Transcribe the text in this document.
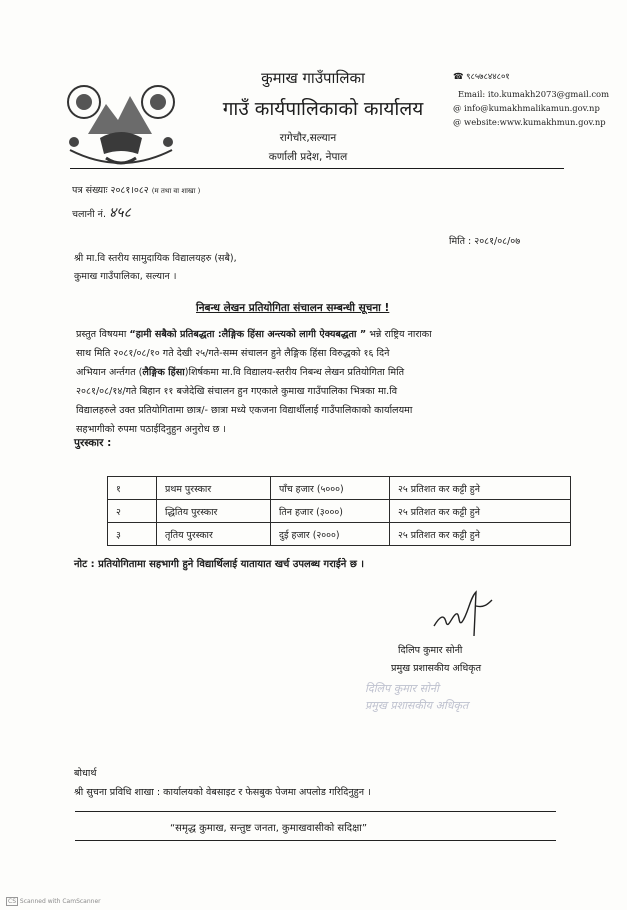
कुमाख गाउँपालिका
गाउँ कार्यपालिकाको कार्यालय
रागेचौर,सल्यान
कर्णाली प्रदेश, नेपाल
☎ ९८५७८४४८०१
Email: ito.kumakh2073@gmail.com
@ info@kumakhmalikamun.gov.np
@ website:www.kumakhmun.gov.np
पत्र संख्याः २०८१।०८२ (म तथा वा शाखा )
चलानी नं. ४५८
मिति : २०८१/०८/०७
श्री मा.वि स्तरीय सामुदायिक विद्यालयहरु (सबै),
कुमाख गाउँपालिका, सल्यान ।
निबन्ध लेखन प्रतियोगिता संचालन सम्बन्धी सूचना !
प्रस्तुत विषयमा “हामी सबैको प्रतिबद्धता :लैङ्गिक हिंसा अन्त्यको लागी ऐक्यबद्धता ” भन्ने राष्ट्रिय नाराका
साथ मिति २०८१/०८/१० गते देखी २५/गते-सम्म संचालन हुने लैङ्गिक हिंसा विरुद्धको १६ दिने
अभियान अर्न्तगत (लैङ्गिक हिंसा)शिर्षकमा मा.वि विद्यालय-स्तरीय निबन्ध लेखन प्रतियोगिता मिति
२०८१/०८/१४/गते बिहान ११ बजेदेखि संचालन हुन गएकाले कुमाख गाउँपालिका भित्रका मा.वि
विद्यालहरुले उक्त प्रतियोगितामा छात्र/- छात्रा मध्ये एकजना विद्यार्थीलाई गाउँपालिकाको कार्यालयमा
सहभागीको रुपमा पठाईदिनुहुन अनुरोध छ ।
पुरस्कार :
१	प्रथम पुरस्कार	पाँच हजार (५०००)	२५ प्रतिशत कर कट्टी हुने
२	द्धितिय पुरस्कार	तिन हजार (३०००)	२५ प्रतिशत कर कट्टी हुने
३	तृतिय पुरस्कार	दुई हजार (२०००)	२५ प्रतिशत कर कट्टी हुने
नोट : प्रतियोगितामा सहभागी हुने विद्यार्थिलाई यातायात खर्च उपलब्ध गराईने छ ।
दिलिप कुमार सोनी
प्रमुख प्रशासकीय अधिकृत
दिलिप कुमार सोनी
प्रमुख प्रशासकीय अधिकृत
बोधार्थ
श्री सुचना प्रविधि शाखा : कार्यालयको वेबसाइट र फेसबुक पेजमा अपलोड गरिदिनुहुन ।
“समृद्ध कुमाख, सन्तुष्ट जनता, कुमाखवासीको सदिक्षा”
CS Scanned with CamScanner
